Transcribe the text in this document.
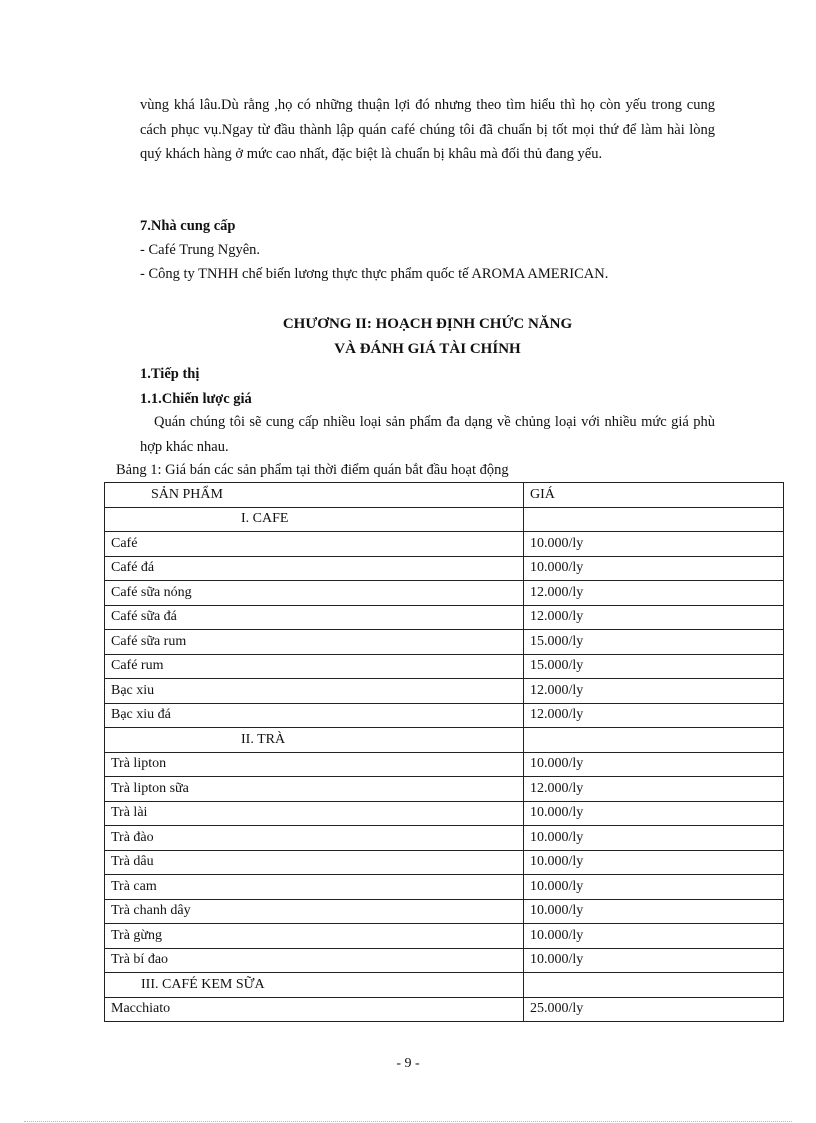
vùng khá lâu.Dù rằng ,họ có những thuận lợi đó nhưng theo tìm hiểu thì họ còn yếu trong cung cách phục vụ.Ngay từ đầu thành lập quán café chúng tôi đã chuẩn bị tốt mọi thứ để làm hài lòng quý khách hàng ở mức cao nhất, đặc biệt là chuẩn bị khâu mà đối thủ đang yếu.

7.Nhà cung cấp
- Café Trung Ngyên.
- Công ty TNHH chế biến lương thực thực phẩm quốc tế AROMA AMERICAN.
CHƯƠNG II: HOẠCH ĐỊNH CHỨC NĂNG
VÀ ĐÁNH GIÁ TÀI CHÍNH
1.Tiếp thị
1.1.Chiến lược giá

Quán chúng tôi sẽ cung cấp nhiều loại sản phẩm đa dạng về chủng loại với nhiều mức giá phù hợp khác nhau.

Bảng 1: Giá bán các sản phẩm tại thời điểm quán bắt đầu hoạt động
SẢN PHẨM	GIÁ
I. CAFE	
Café	10.000/ly
Café đá	10.000/ly
Café sữa nóng	12.000/ly
Café sữa đá	12.000/ly
Café sữa rum	15.000/ly
Café rum	15.000/ly
Bạc xiu	12.000/ly
Bạc xiu đá	12.000/ly
II. TRÀ	
Trà lipton	10.000/ly
Trà lipton sữa	12.000/ly
Trà lài	10.000/ly
Trà đào	10.000/ly
Trà dâu	10.000/ly
Trà cam	10.000/ly
Trà chanh dây	10.000/ly
Trà gừng	10.000/ly
Trà bí đao	10.000/ly
III. CAFÉ KEM SỮA	
Macchiato	25.000/ly
- 9 -
